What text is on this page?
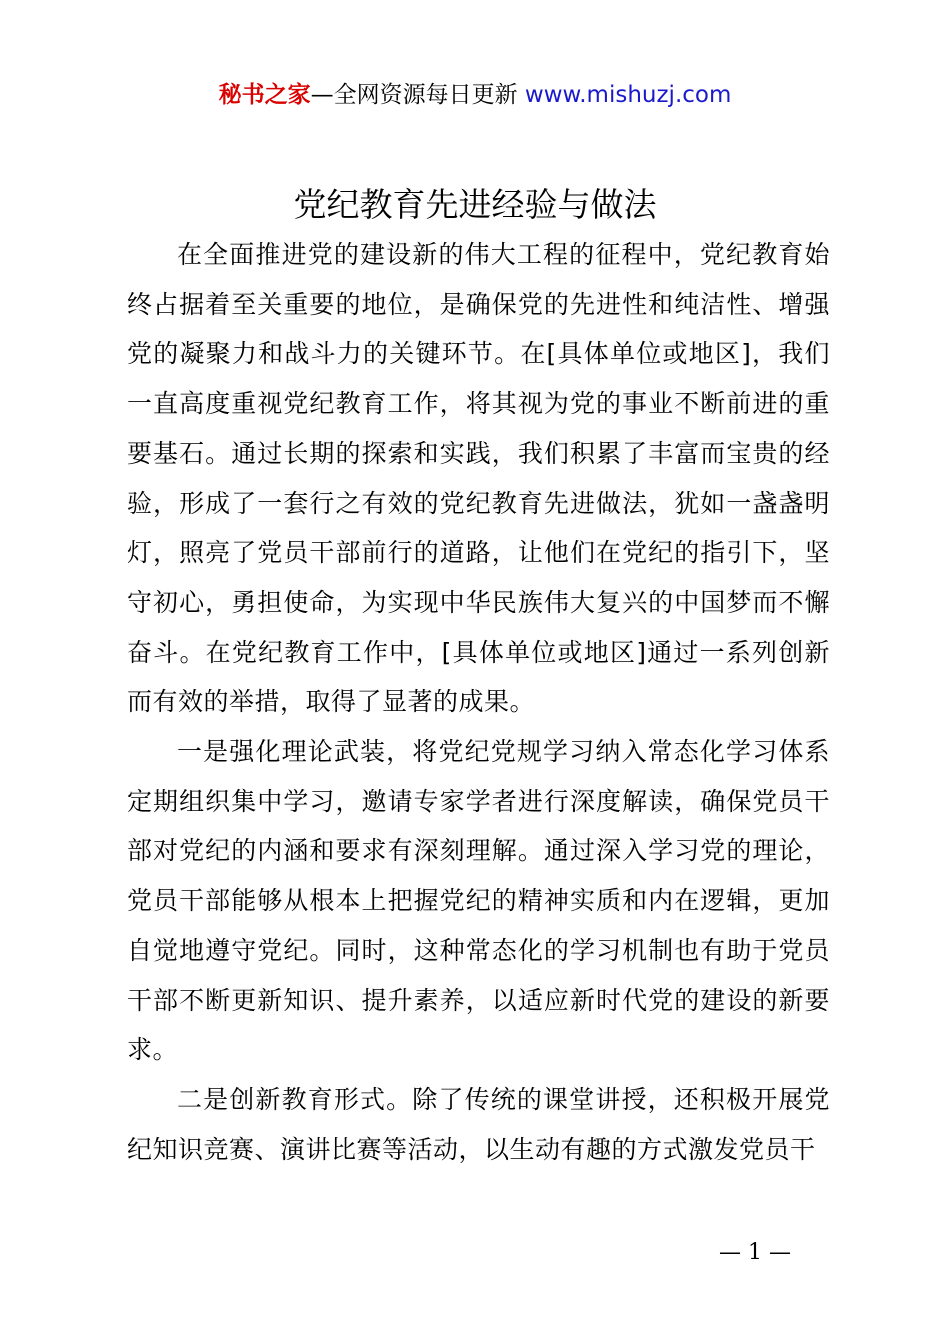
秘书之家—全网资源每日更新 www.mishuzj.com
党纪教育先进经验与做法

在全面推进党的建设新的伟大工程的征程中，党纪教育始终占据着至关重要的地位，是确保党的先进性和纯洁性、增强党的凝聚力和战斗力的关键环节。在[具体单位或地区]，我们一直高度重视党纪教育工作，将其视为党的事业不断前进的重要基石。通过长期的探索和实践，我们积累了丰富而宝贵的经验，形成了一套行之有效的党纪教育先进做法，犹如一盏盏明灯，照亮了党员干部前行的道路，让他们在党纪的指引下，坚守初心，勇担使命，为实现中华民族伟大复兴的中国梦而不懈奋斗。在党纪教育工作中，[具体单位或地区]通过一系列创新而有效的举措，取得了显著的成果。

一是强化理论武装，将党纪党规学习纳入常态化学习体系定期组织集中学习，邀请专家学者进行深度解读，确保党员干部对党纪的内涵和要求有深刻理解。通过深入学习党的理论，党员干部能够从根本上把握党纪的精神实质和内在逻辑，更加自觉地遵守党纪。同时，这种常态化的学习机制也有助于党员干部不断更新知识、提升素养，以适应新时代党的建设的新要求。

二是创新教育形式。除了传统的课堂讲授，还积极开展党纪知识竞赛、演讲比赛等活动，以生动有趣的方式激发党员干

— 1 —
